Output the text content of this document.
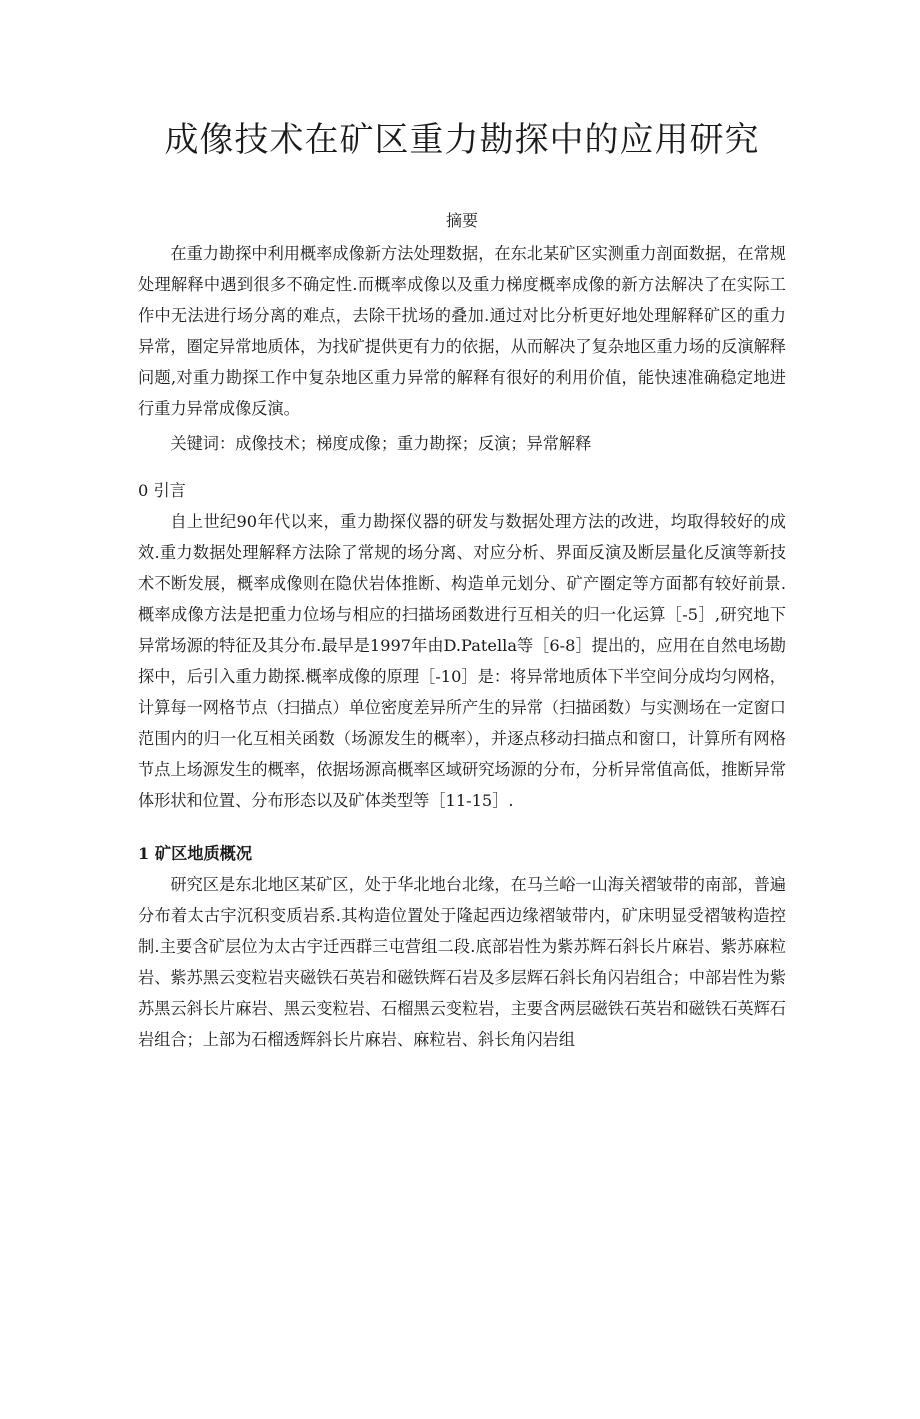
成像技术在矿区重力勘探中的应用研究
摘要

在重力勘探中利用概率成像新方法处理数据，在东北某矿区实测重力剖面数据，在常规处理解释中遇到很多不确定性.而概率成像以及重力梯度概率成像的新方法解决了在实际工作中无法进行场分离的难点，去除干扰场的叠加.通过对比分析更好地处理解释矿区的重力异常，圈定异常地质体，为找矿提供更有力的依据，从而解决了复杂地区重力场的反演解释问题,对重力勘探工作中复杂地区重力异常的解释有很好的利用价值，能快速准确稳定地进行重力异常成像反演。

关键词：成像技术；梯度成像；重力勘探；反演；异常解释

0 引言

自上世纪90年代以来，重力勘探仪器的研发与数据处理方法的改进，均取得较好的成效.重力数据处理解释方法除了常规的场分离、对应分析、界面反演及断层量化反演等新技术不断发展，概率成像则在隐伏岩体推断、构造单元划分、矿产圈定等方面都有较好前景.概率成像方法是把重力位场与相应的扫描场函数进行互相关的归一化运算［-5］,研究地下异常场源的特征及其分布.最早是1997年由D.Patella等［6-8］提出的，应用在自然电场勘探中，后引入重力勘探.概率成像的原理［-10］是：将异常地质体下半空间分成均匀网格，计算每一网格节点（扫描点）单位密度差异所产生的异常（扫描函数）与实测场在一定窗口范围内的归一化互相关函数（场源发生的概率），并逐点移动扫描点和窗口，计算所有网格节点上场源发生的概率，依据场源高概率区域研究场源的分布，分析异常值高低，推断异常体形状和位置、分布形态以及矿体类型等［11-15］.

1 矿区地质概况

研究区是东北地区某矿区，处于华北地台北缘，在马兰峪一山海关褶皱带的南部，普遍分布着太古宇沉积变质岩系.其构造位置处于隆起西边缘褶皱带内，矿床明显受褶皱构造控制.主要含矿层位为太古宇迁西群三屯营组二段.底部岩性为紫苏辉石斜长片麻岩、紫苏麻粒岩、紫苏黑云变粒岩夹磁铁石英岩和磁铁辉石岩及多层辉石斜长角闪岩组合；中部岩性为紫苏黑云斜长片麻岩、黑云变粒岩、石榴黑云变粒岩，主要含两层磁铁石英岩和磁铁石英辉石岩组合；上部为石榴透辉斜长片麻岩、麻粒岩、斜长角闪岩组
